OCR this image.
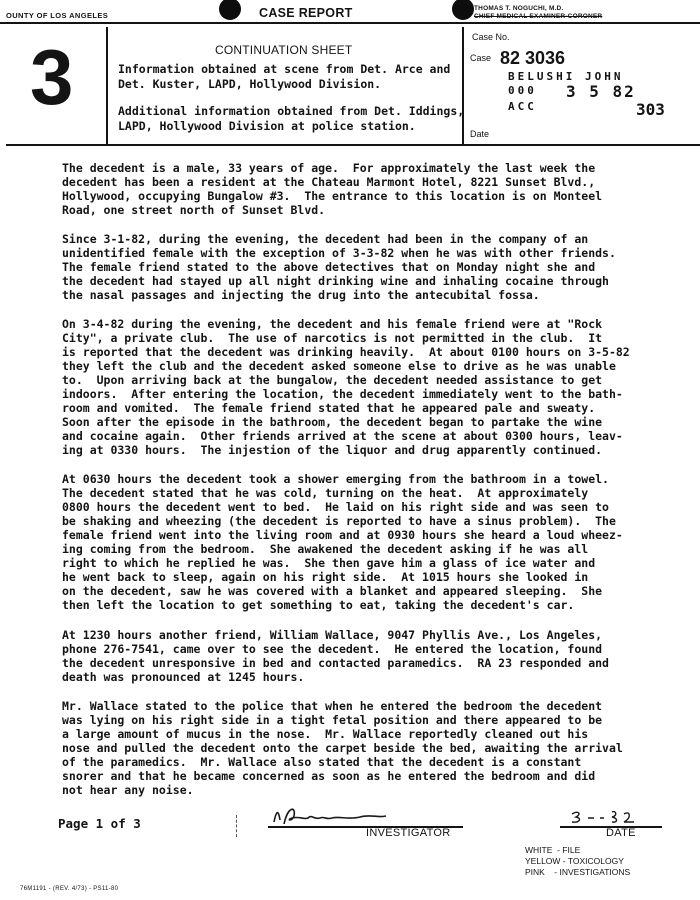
OUNTY OF LOS ANGELES	CASE REPORT	THOMAS T. NOGUCHI, M.D.
CHIEF MEDICAL EXAMINER-CORONER
3	CONTINUATION SHEET
Information obtained at scene from Det. Arce and
Det. Kuster, LAPD, Hollywood Division.
Additional information obtained from Det. Iddings,
LAPD, Hollywood Division at police station.
Case No.
Case 82 3036
BELUSHI JOHN
000 3 5 82
ACC	303
Date
The decedent is a male, 33 years of age.  For approximately the last week the
decedent has been a resident at the Chateau Marmont Hotel, 8221 Sunset Blvd.,
Hollywood, occupying Bungalow #3.  The entrance to this location is on Monteel
Road, one street north of Sunset Blvd.
Since 3-1-82, during the evening, the decedent had been in the company of an
unidentified female with the exception of 3-3-82 when he was with other friends.
The female friend stated to the above detectives that on Monday night she and
the decedent had stayed up all night drinking wine and inhaling cocaine through
the nasal passages and injecting the drug into the antecubital fossa.
On 3-4-82 during the evening, the decedent and his female friend were at "Rock
City", a private club.  The use of narcotics is not permitted in the club.  It
is reported that the decedent was drinking heavily.  At about 0100 hours on 3-5-82
they left the club and the decedent asked someone else to drive as he was unable
to.  Upon arriving back at the bungalow, the decedent needed assistance to get
indoors.  After entering the location, the decedent immediately went to the bath-
room and vomited.  The female friend stated that he appeared pale and sweaty.
Soon after the episode in the bathroom, the decedent began to partake the wine
and cocaine again.  Other friends arrived at the scene at about 0300 hours, leav-
ing at 0330 hours.  The injestion of the liquor and drug apparently continued.
At 0630 hours the decedent took a shower emerging from the bathroom in a towel.
The decedent stated that he was cold, turning on the heat.  At approximately
0800 hours the decedent went to bed.  He laid on his right side and was seen to
be shaking and wheezing (the decedent is reported to have a sinus problem).  The
female friend went into the living room and at 0930 hours she heard a loud wheez-
ing coming from the bedroom.  She awakened the decedent asking if he was all
right to which he replied he was.  She then gave him a glass of ice water and
he went back to sleep, again on his right side.  At 1015 hours she looked in
on the decedent, saw he was covered with a blanket and appeared sleeping.  She
then left the location to get something to eat, taking the decedent's car.
At 1230 hours another friend, William Wallace, 9047 Phyllis Ave., Los Angeles,
phone 276-7541, came over to see the decedent.  He entered the location, found
the decedent unresponsive in bed and contacted paramedics.  RA 23 responded and
death was pronounced at 1245 hours.
Mr. Wallace stated to the police that when he entered the bedroom the decedent
was lying on his right side in a tight fetal position and there appeared to be
a large amount of mucus in the nose.  Mr. Wallace reportedly cleaned out his
nose and pulled the decedent onto the carpet beside the bed, awaiting the arrival
of the paramedics.  Mr. Wallace also stated that the decedent is a constant
snorer and that he became concerned as soon as he entered the bedroom and did
not hear any noise.
Page 1 of 3
INVESTIGATOR	DATE
WHITE  - FILE
YELLOW - TOXICOLOGY
PINK    - INVESTIGATIONS
76M1191 - (REV. 4/73) - PS11-80
